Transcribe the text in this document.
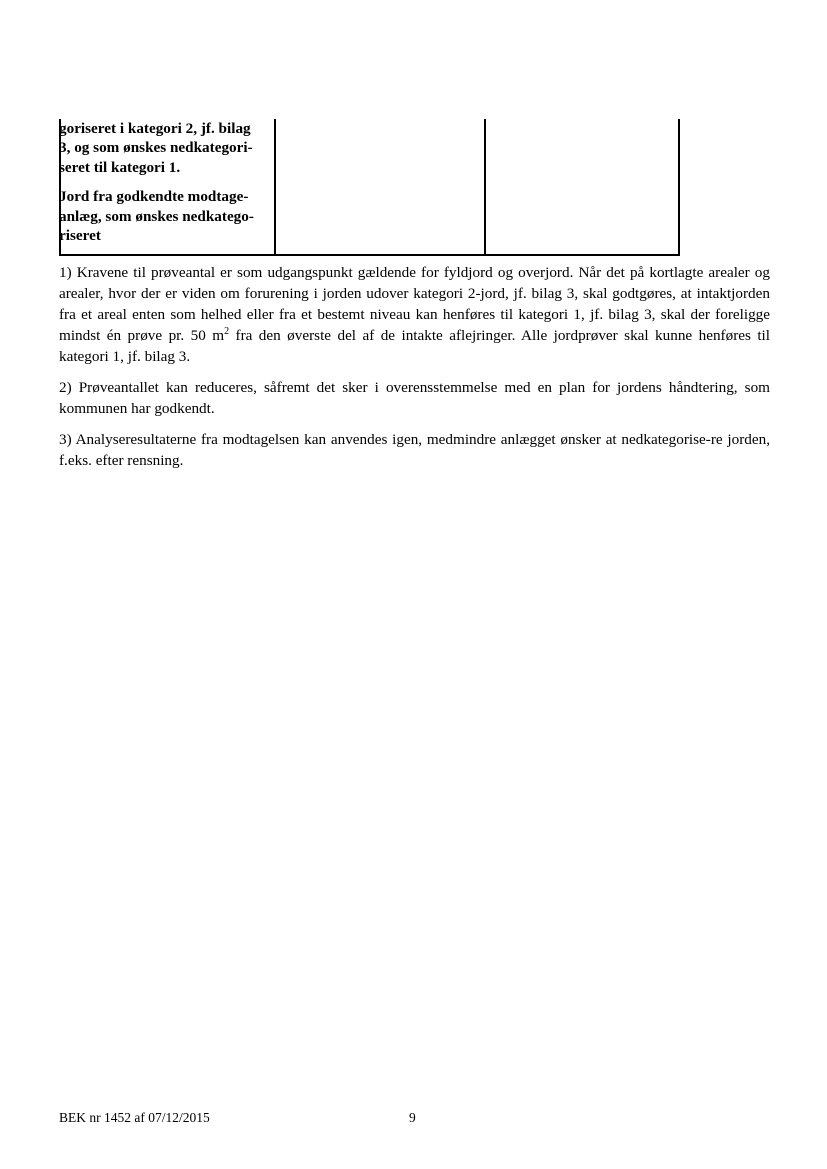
goriseret i kategori 2, jf. bilag
3, og som ønskes nedkategori-
seret til kategori 1.

Jord fra godkendte modtage-
anlæg, som ønskes nedkatego-
riseret

1) Kravene til prøveantal er som udgangspunkt gældende for fyldjord og overjord. Når det på kortlagte arealer og arealer, hvor der er viden om forurening i jorden udover kategori 2-jord, jf. bilag 3, skal godtgøres, at intaktjorden fra et areal enten som helhed eller fra et bestemt niveau kan henføres til kategori 1, jf. bilag 3, skal der foreligge mindst én prøve pr. 50 $m^2$ fra den øverste del af de intakte aflejringer. Alle jordprøver skal kunne henføres til kategori 1, jf. bilag 3.

2) Prøveantallet kan reduceres, såfremt det sker i overensstemmelse med en plan for jordens håndtering, som kommunen har godkendt.

3) Analyseresultaterne fra modtagelsen kan anvendes igen, medmindre anlægget ønsker at nedkategorise-re jorden, f.eks. efter rensning.

BEK nr 1452 af 07/12/2015	9
